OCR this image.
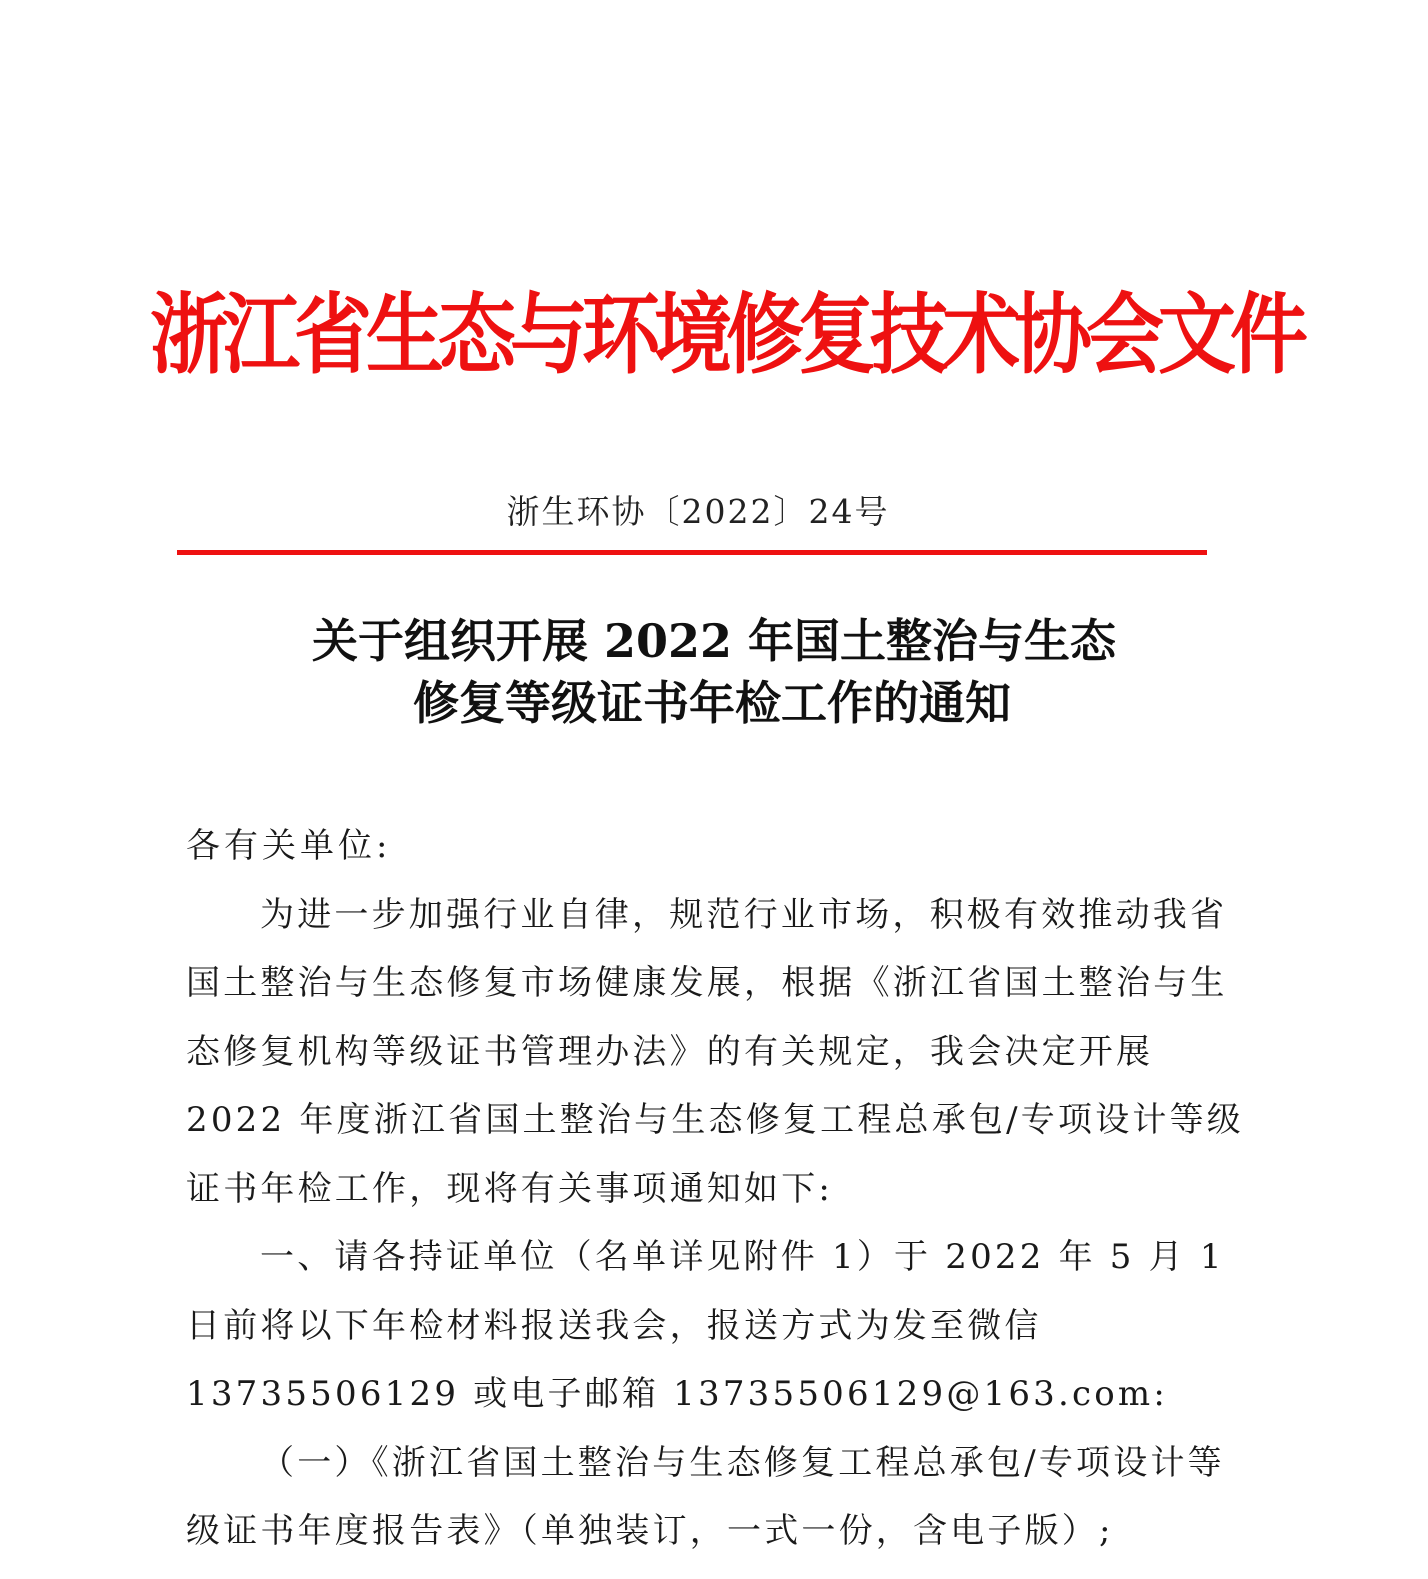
浙江省生态与环境修复技术协会文件
浙生环协〔2022〕24号
关于组织开展 2022 年国土整治与生态
修复等级证书年检工作的通知

各有关单位:

为进一步加强行业自律，规范行业市场，积极有效推动我省国土整治与生态修复市场健康发展，根据《浙江省国土整治与生态修复机构等级证书管理办法》的有关规定，我会决定开展 2022 年度浙江省国土整治与生态修复工程总承包/专项设计等级证书年检工作，现将有关事项通知如下:

一、请各持证单位（名单详见附件 1）于 2022 年 5 月 1 日前将以下年检材料报送我会，报送方式为发至微信 13735506129 或电子邮箱 13735506129@163.com:

（一）《浙江省国土整治与生态修复工程总承包/专项设计等级证书年度报告表》（单独装订，一式一份，含电子版）;
